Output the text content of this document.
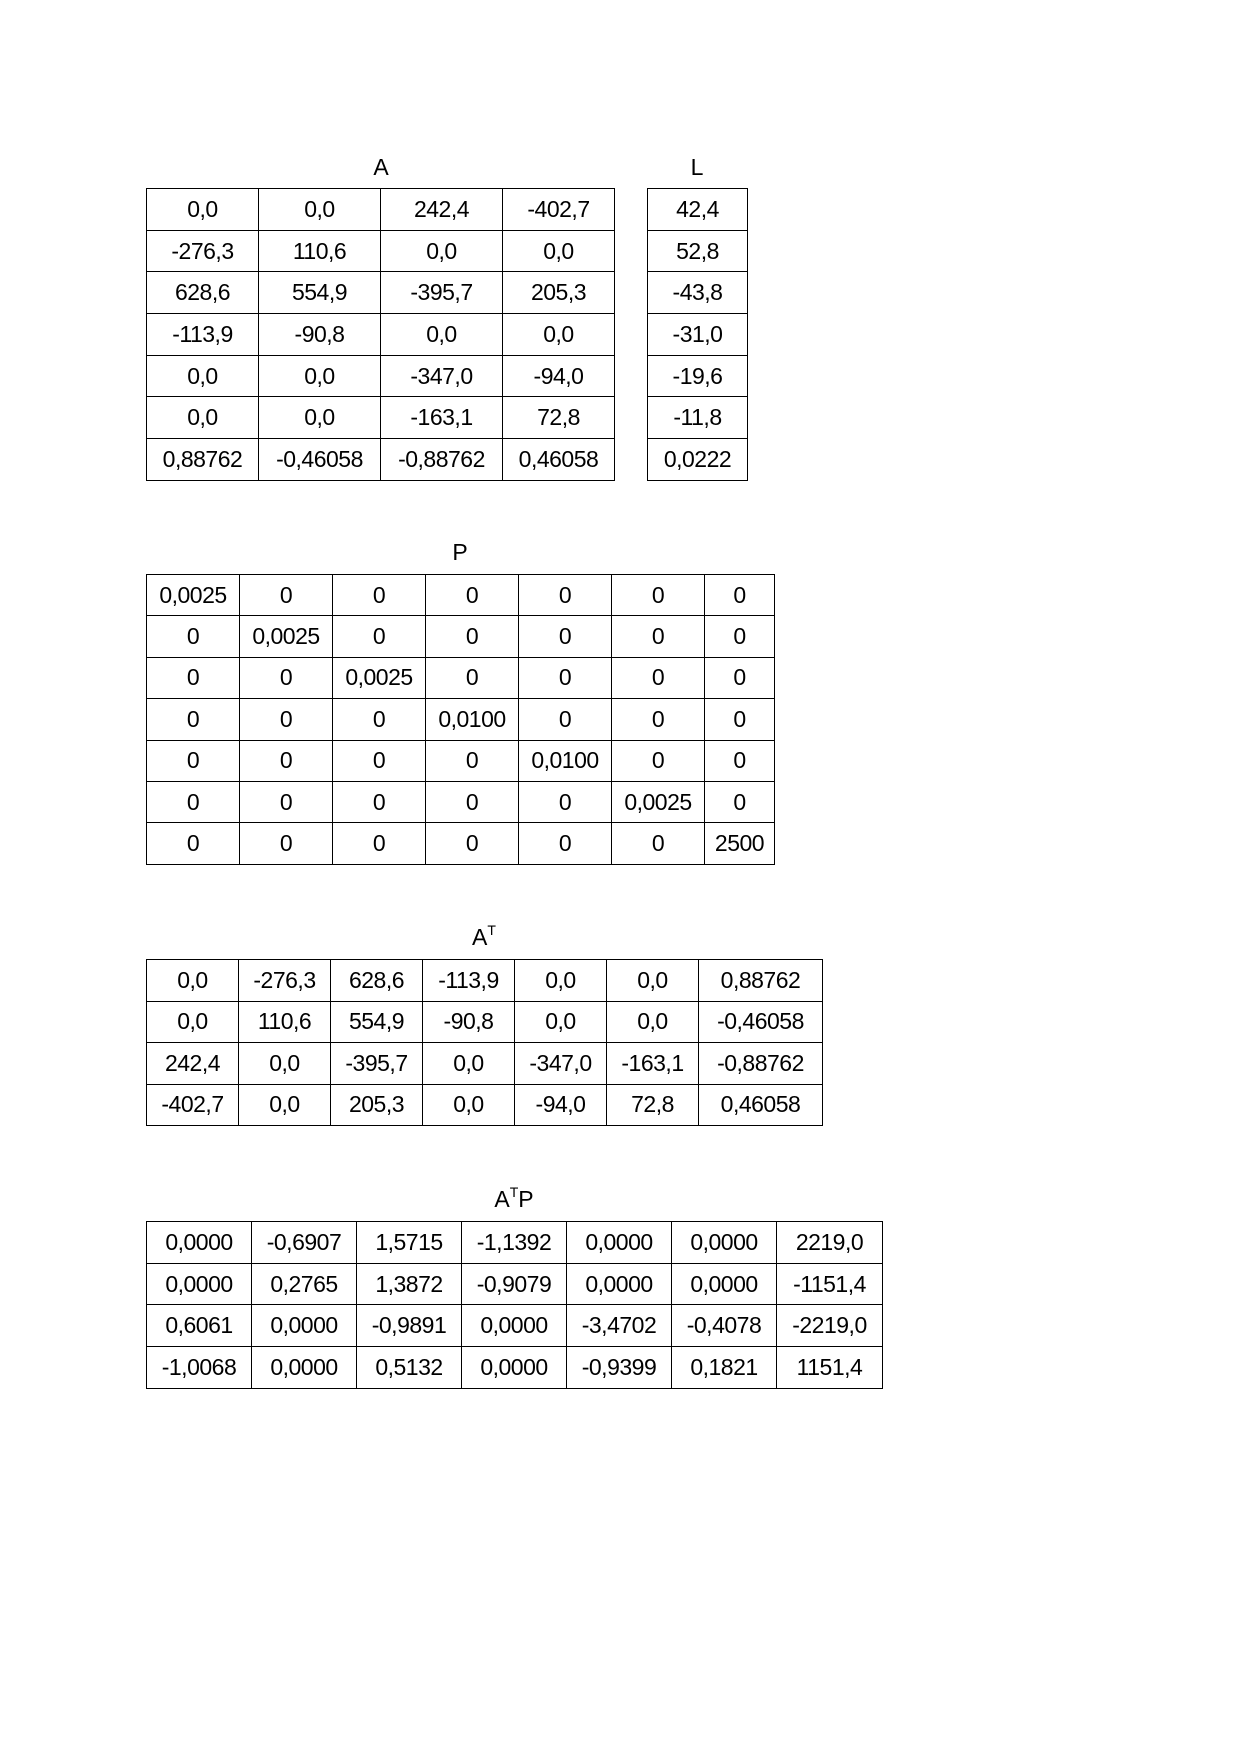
A
0,0	0,0	242,4	-402,7
-276,3	110,6	0,0	0,0
628,6	554,9	-395,7	205,3
-113,9	-90,8	0,0	0,0
0,0	0,0	-347,0	-94,0
0,0	0,0	-163,1	72,8
0,88762	-0,46058	-0,88762	0,46058
L
42,4
52,8
-43,8
-31,0
-19,6
-11,8
0,0222
P
0,0025	0	0	0	0	0	0
0	0,0025	0	0	0	0	0
0	0	0,0025	0	0	0	0
0	0	0	0,0100	0	0	0
0	0	0	0	0,0100	0	0
0	0	0	0	0	0,0025	0
0	0	0	0	0	0	2500
$A^T$
0,0	-276,3	628,6	-113,9	0,0	0,0	0,88762
0,0	110,6	554,9	-90,8	0,0	0,0	-0,46058
242,4	0,0	-395,7	0,0	-347,0	-163,1	-0,88762
-402,7	0,0	205,3	0,0	-94,0	72,8	0,46058
$A^TP$
0,0000	-0,6907	1,5715	-1,1392	0,0000	0,0000	2219,0
0,0000	0,2765	1,3872	-0,9079	0,0000	0,0000	-1151,4
0,6061	0,0000	-0,9891	0,0000	-3,4702	-0,4078	-2219,0
-1,0068	0,0000	0,5132	0,0000	-0,9399	0,1821	1151,4
